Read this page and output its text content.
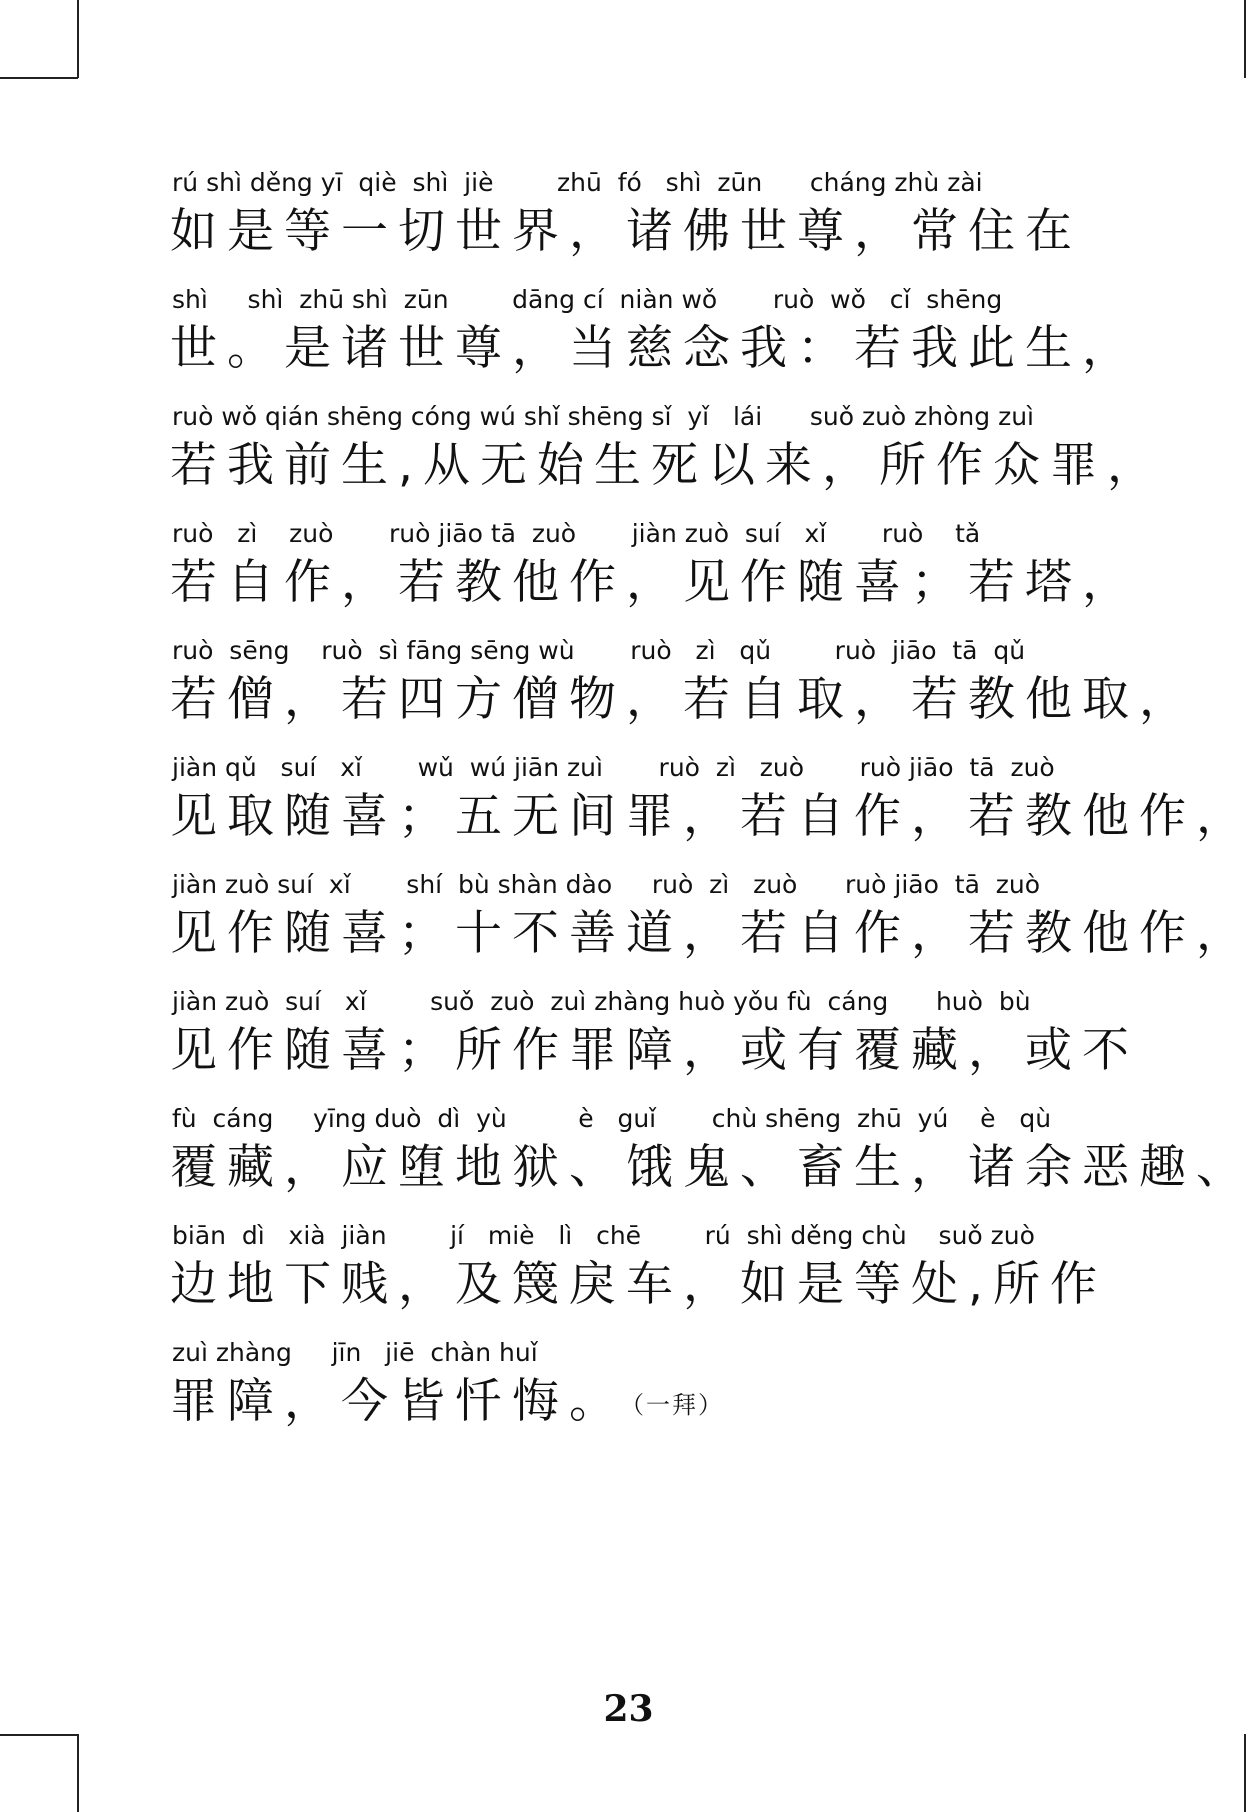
rú shì děng yī  qiè  shì  jiè        zhū  fó   shì  zūn      cháng zhù zài
如是等一切世界，诸佛世尊，常住在
shì     shì  zhū shì  zūn        dāng cí  niàn wǒ       ruò  wǒ   cǐ  shēng
世。是诸世尊，当慈念我：若我此生，
ruò wǒ qián shēng cóng wú shǐ shēng sǐ  yǐ   lái      suǒ zuò zhòng zuì
若我前生,从无始生死以来，所作众罪，
ruò   zì    zuò       ruò jiāo tā  zuò       jiàn zuò  suí   xǐ       ruò    tǎ
若自作，若教他作，见作随喜；若塔，
ruò  sēng    ruò  sì fāng sēng wù       ruò   zì   qǔ        ruò  jiāo  tā  qǔ
若僧，若四方僧物，若自取，若教他取，
jiàn qǔ   suí   xǐ       wǔ  wú jiān zuì       ruò  zì   zuò       ruò jiāo  tā  zuò
见取随喜；五无间罪，若自作，若教他作，
jiàn zuò suí  xǐ       shí  bù shàn dào     ruò  zì   zuò      ruò jiāo  tā  zuò
见作随喜；十不善道，若自作，若教他作，
jiàn zuò  suí   xǐ        suǒ  zuò  zuì zhàng huò yǒu fù  cáng      huò  bù
见作随喜；所作罪障，或有覆藏，或不
fù  cáng     yīng duò  dì  yù         è   guǐ       chù shēng  zhū  yú    è   qù
覆藏，应堕地狱、饿鬼、畜生，诸余恶趣、
biān  dì   xià  jiàn        jí   miè   lì   chē        rú  shì děng chù    suǒ zuò
边地下贱，及篾戾车，如是等处,所作
zuì zhàng     jīn   jiē  chàn huǐ
罪障，今皆忏悔。 （一拜）
23
